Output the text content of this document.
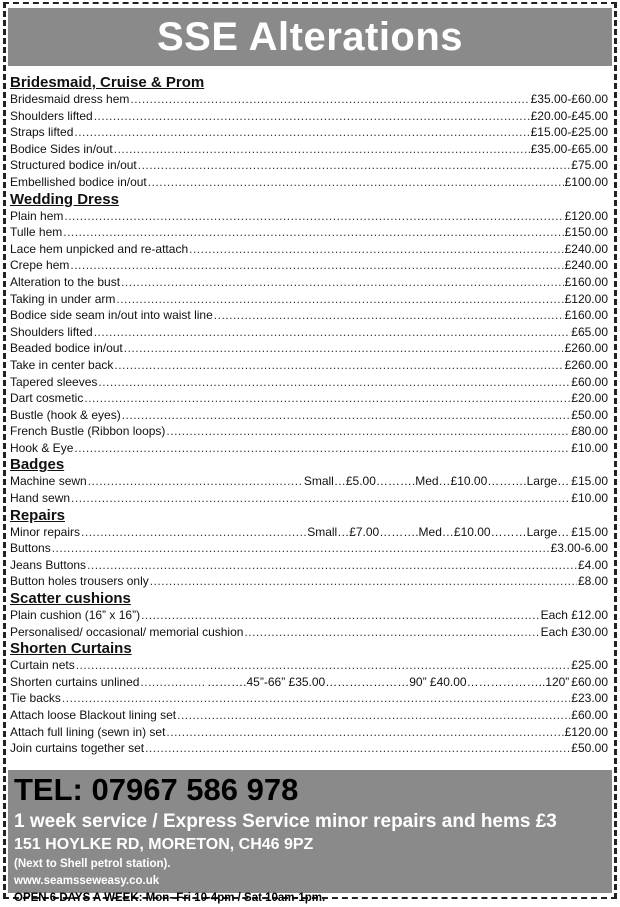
SSE Alterations
Bridesmaid, Cruise & Prom
Bridesmaid dress hem .....	£35.00-£60.00
Shoulders lifted .....	£20.00-£45.00
Straps lifted .....	£15.00-£25.00
Bodice Sides in/out .....	£35.00-£65.00
Structured bodice in/out .....	£75.00
Embellished bodice in/out .....	£100.00
Wedding Dress
Plain hem .....	£120.00
Tulle hem .....	£150.00
Lace hem unpicked and re-attach .....	£240.00
Crepe hem .....	£240.00
Alteration to the bust .....	£160.00
Taking in under arm .....	£120.00
Bodice side seam in/out into waist line .....	£160.00
Shoulders lifted .....	£65.00
Beaded bodice in/out .....	£260.00
Take in center back .....	£260.00
Tapered sleeves .....	£60.00
Dart cosmetic .....	£20.00
Bustle (hook & eyes) .....	£50.00
French Bustle (Ribbon loops) .....	£80.00
Hook & Eye .....	£10.00
Badges
Machine sewn .....	Small…£5.00……….Med…£10.00……….Large… £15.00
Hand sewn .....	£10.00
Repairs
Minor repairs .....	Small…£7.00……….Med…£10.00………Large… £15.00
Buttons .....	£3.00-6.00
Jeans Buttons .....	£4.00
Button holes trousers only .....	£8.00
Scatter cushions
Plain cushion (16” x 16”) .....	Each £12.00
Personalised/ occasional/ memorial cushion .....	Each £30.00
Shorten Curtains
Curtain nets .....	£25.00
Shorten curtains unlined .....	……….45”-66” £35.00…………………90” £40.00………………..120” £60.00
Tie backs .....	£23.00
Attach loose Blackout lining set .....	£60.00
Attach full lining (sewn in) set .....	£120.00
Join curtains together set .....	£50.00

TEL: 07967 586 978

1 week service / Express Service minor repairs and hems £3

151 HOYLKE RD, MORETON, CH46 9PZ

(Next to Shell petrol station).

www.seamsseweasy.co.uk

OPEN 6 DAYS A WEEK: Mon- Fri 10-4pm / Sat 10am-1pm.
